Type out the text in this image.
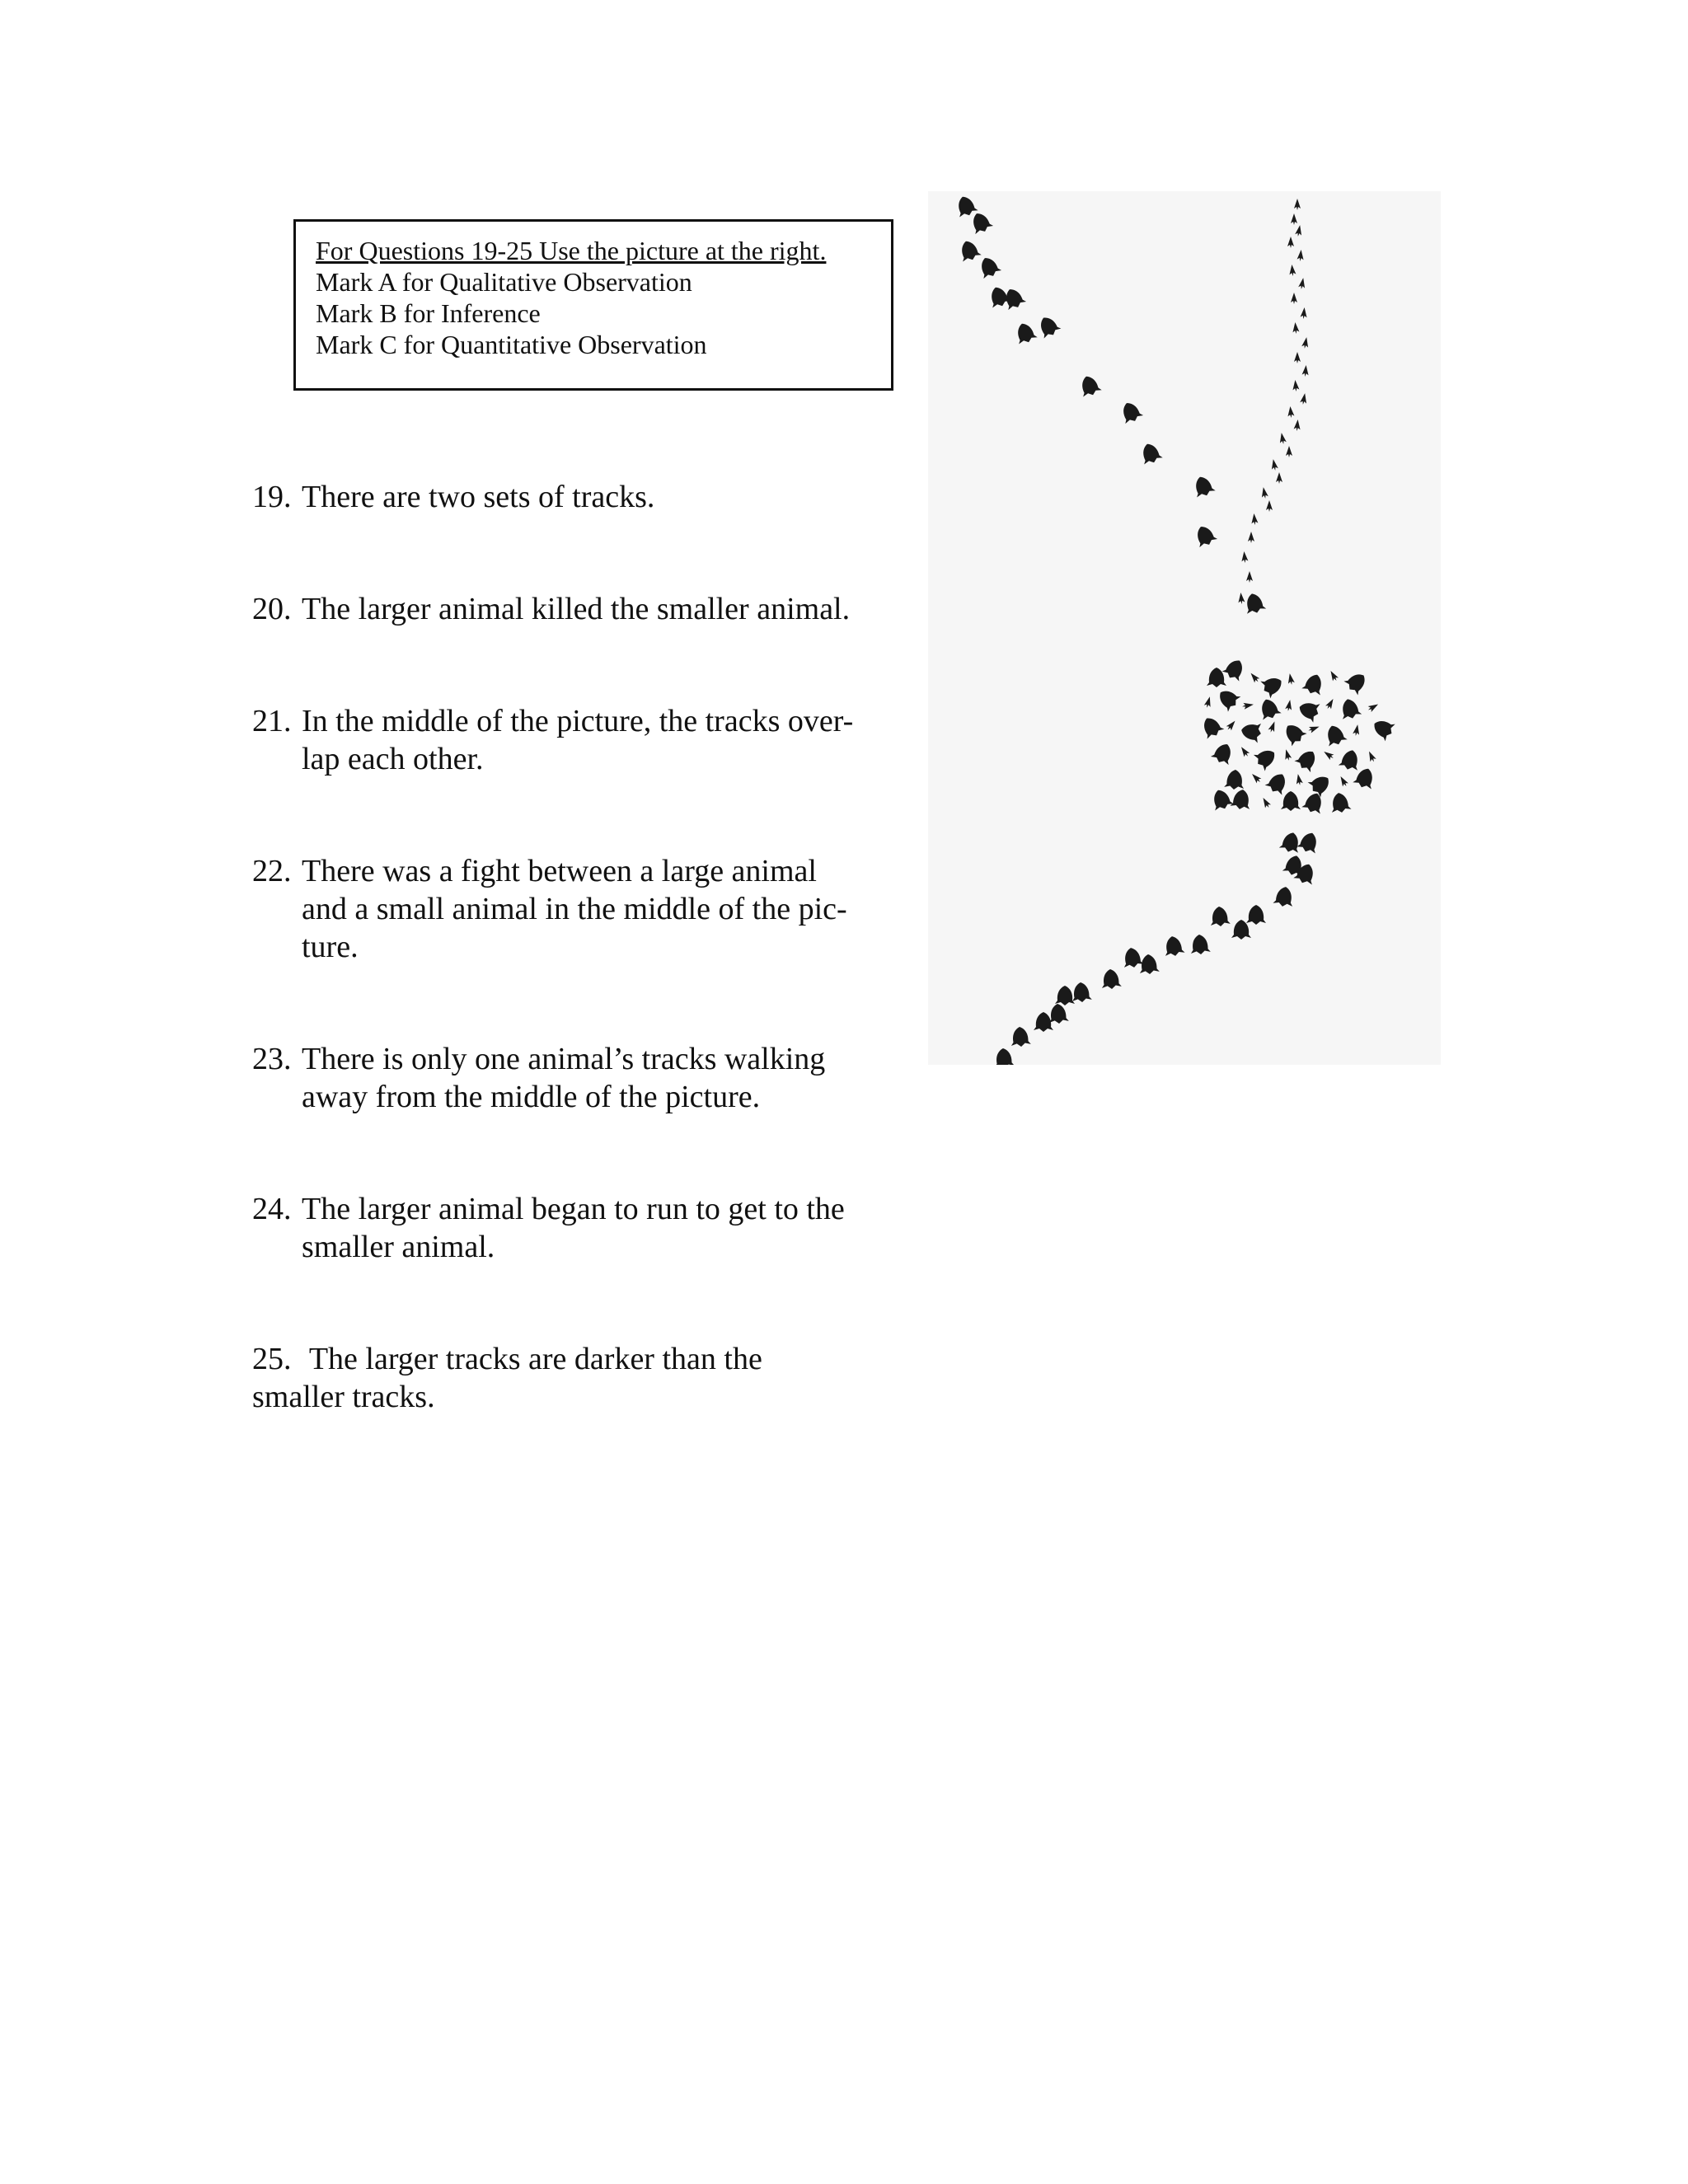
For Questions 19-25 Use the picture at the right.
Mark A for Qualitative Observation
Mark B for Inference
Mark C for Quantitative Observation
19. There are two sets of tracks.
20. The larger animal killed the smaller animal.
21. In the middle of the picture, the tracks over-
lap each other.
22. There was a fight between a large animal
and a small animal in the middle of the pic-
ture.
23. There is only one animal’s tracks walking
away from the middle of the picture.
24. The larger animal began to run to get to the
smaller animal.
25. The larger tracks are darker than the
smaller tracks.
